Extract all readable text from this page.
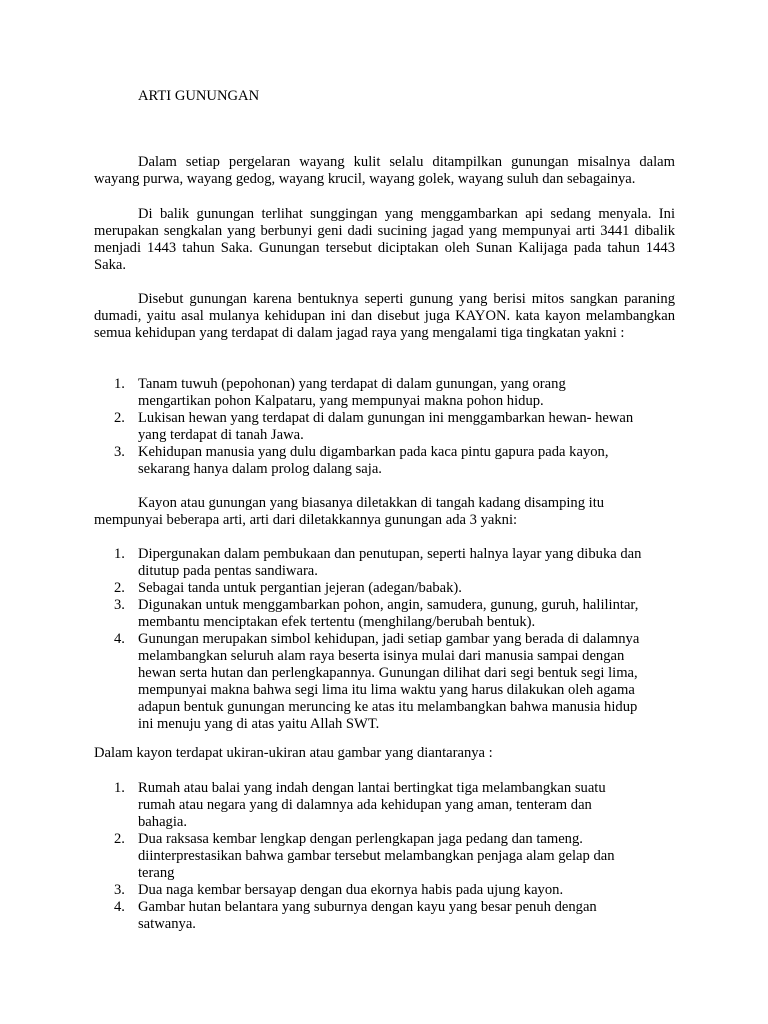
ARTI GUNUNGAN
Dalam setiap pergelaran wayang kulit selalu ditampilkan gunungan misalnya dalam wayang purwa, wayang gedog, wayang krucil, wayang golek, wayang suluh dan sebagainya.
Di balik gunungan terlihat sunggingan yang menggambarkan api sedang menyala. Ini merupakan sengkalan yang berbunyi geni dadi sucining jagad yang mempunyai arti 3441 dibalik menjadi 1443 tahun Saka. Gunungan tersebut diciptakan oleh Sunan Kalijaga pada tahun 1443 Saka.
Disebut gunungan karena bentuknya seperti gunung yang berisi mitos sangkan paraning dumadi, yaitu asal mulanya kehidupan ini dan disebut juga KAYON. kata kayon melambangkan semua kehidupan yang terdapat di dalam jagad raya yang mengalami tiga tingkatan yakni :
1. Tanam tuwuh (pepohonan) yang terdapat di dalam gunungan, yang orang
mengartikan pohon Kalpataru, yang mempunyai makna pohon hidup.
2. Lukisan hewan yang terdapat di dalam gunungan ini menggambarkan hewan- hewan
yang terdapat di tanah Jawa.
3. Kehidupan manusia yang dulu digambarkan pada kaca pintu gapura pada kayon,
sekarang hanya dalam prolog dalang saja.
Kayon atau gunungan yang biasanya diletakkan di tangah kadang disamping itu
mempunyai beberapa arti, arti dari diletakkannya gunungan ada 3 yakni:
1. Dipergunakan dalam pembukaan dan penutupan, seperti halnya layar yang dibuka dan
ditutup pada pentas sandiwara.
2. Sebagai tanda untuk pergantian jejeran (adegan/babak).
3. Digunakan untuk menggambarkan pohon, angin, samudera, gunung, guruh, halilintar,
membantu menciptakan efek tertentu (menghilang/berubah bentuk).
4. Gunungan merupakan simbol kehidupan, jadi setiap gambar yang berada di dalamnya
melambangkan seluruh alam raya beserta isinya mulai dari manusia sampai dengan
hewan serta hutan dan perlengkapannya. Gunungan dilihat dari segi bentuk segi lima,
mempunyai makna bahwa segi lima itu lima waktu yang harus dilakukan oleh agama
adapun bentuk gunungan meruncing ke atas itu melambangkan bahwa manusia hidup
ini menuju yang di atas yaitu Allah SWT.
Dalam kayon terdapat ukiran-ukiran atau gambar yang diantaranya :
1. Rumah atau balai yang indah dengan lantai bertingkat tiga melambangkan suatu
rumah atau negara yang di dalamnya ada kehidupan yang aman, tenteram dan
bahagia.
2. Dua raksasa kembar lengkap dengan perlengkapan jaga pedang dan tameng.
diinterprestasikan bahwa gambar tersebut melambangkan penjaga alam gelap dan
terang
3. Dua naga kembar bersayap dengan dua ekornya habis pada ujung kayon.
4. Gambar hutan belantara yang suburnya dengan kayu yang besar penuh dengan
satwanya.
